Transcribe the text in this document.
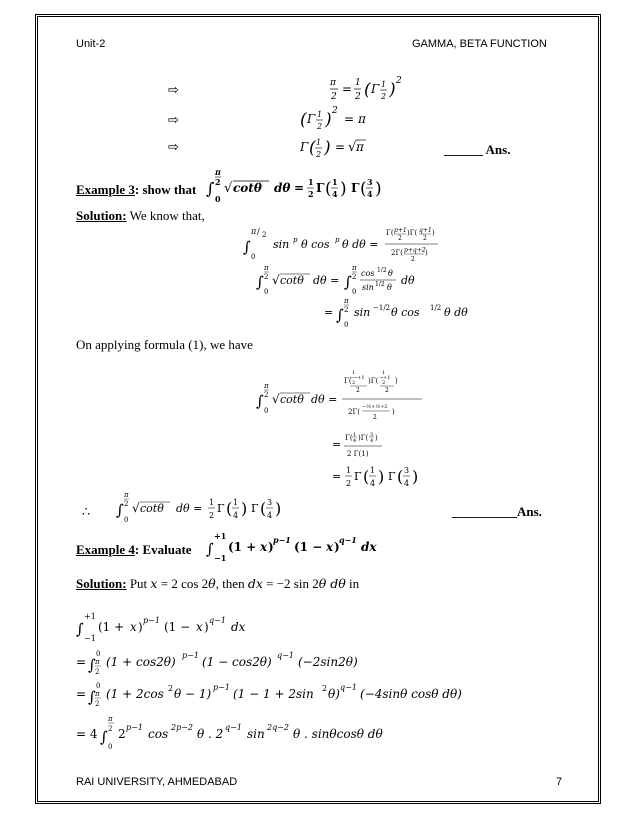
Unit-2	GAMMA, BETA FUNCTION
⇨	π
2
= 1
2 ( Γ 1
2 ) 2
⇨	( Γ 1
2 ) 2
= π
⇨	Γ ( 1
2 ) = √ π	______ Ans.
Example 3: show that ∫
π
2
0
√ cotθ dθ = 1
2 Γ ( 1
4 ) Γ ( 3
4 )
Solution: We know that,
∫
π / 2
0
sin p θ cos p θ dθ =
Γ( p+1
2
)Γ( q+1
2
)
2Γ( p+q+2
2
)
∫
π
2
0
√ cotθ dθ = ∫
π
2
0
cos 1/2 θ
sin 1/2 θ
dθ
= ∫
π
2
0
sin −1/2 θ cos 1/2 θ dθ
On applying formula (1), we have
∫
π
2
0
√ cotθ dθ =
Γ(
1
−─+1
2
2
)Γ(
1
─+1
2
2
)
2Γ(
−½+½+2
2
)
= Γ( 1
4 )Γ( 3
4 )
2 Γ(1)
= 1
2
Γ ( 1
4 ) Γ ( 3
4 )
∴ ∫
π
2
0
√ cotθ dθ = 1
2
Γ ( 1
4 ) Γ ( 3
4 )	__________Ans.
Example 4: Evaluate ∫
+1
−1
(1 + x ) p−1 (1 − x ) q−1 dx
Solution: Put x = 2 cos 2θ, then dx = −2 sin 2θ dθ in
∫
+1
−1
(1 + x ) p−1 (1 − x ) q−1 dx
= ∫
0
π
2
(1 + cos2θ) p−1 (1 − cos2θ) q−1 (−2sin2θ)
= ∫
0
π
2
(1 + 2cos 2 θ − 1) p−1 (1 − 1 + 2sin 2 θ) q−1 (−4sinθ cosθ dθ)
= 4 ∫
π
2
0
2 p−1 cos 2p−2 θ . 2 q−1 sin 2q−2 θ . sinθcosθ dθ
RAI UNIVERSITY, AHMEDABAD	7
